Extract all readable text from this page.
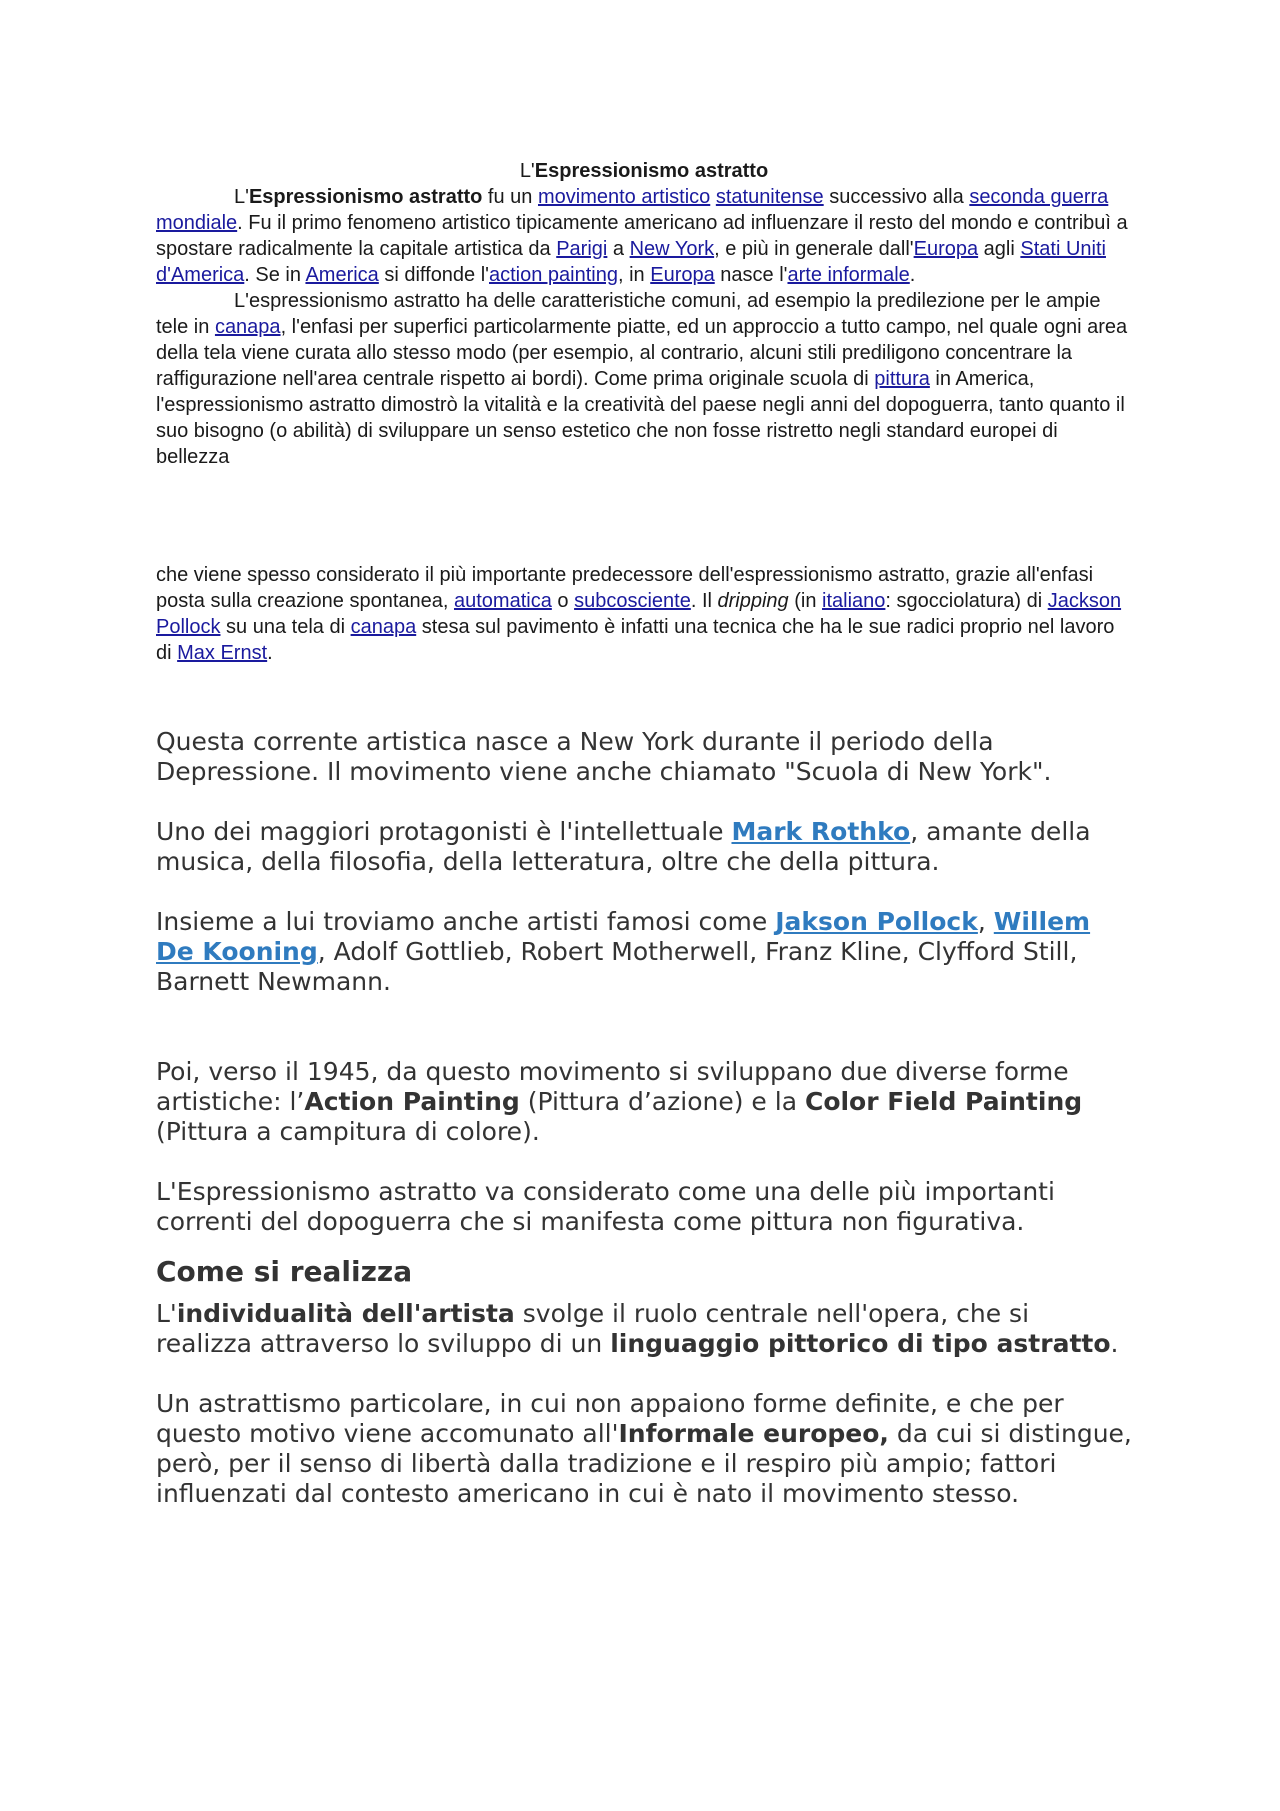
L'Espressionismo astratto

L'Espressionismo astratto fu un movimento artistico statunitense successivo alla seconda guerra mondiale. Fu il primo fenomeno artistico tipicamente americano ad influenzare il resto del mondo e contribuì a spostare radicalmente la capitale artistica da Parigi a New York, e più in generale dall'Europa agli Stati Uniti d'America. Se in America si diffonde l'action painting, in Europa nasce l'arte informale.

L'espressionismo astratto ha delle caratteristiche comuni, ad esempio la predilezione per le ampie tele in canapa, l'enfasi per superfici particolarmente piatte, ed un approccio a tutto campo, nel quale ogni area della tela viene curata allo stesso modo (per esempio, al contrario, alcuni stili prediligono concentrare la raffigurazione nell'area centrale rispetto ai bordi). Come prima originale scuola di pittura in America, l'espressionismo astratto dimostrò la vitalità e la creatività del paese negli anni del dopoguerra, tanto quanto il suo bisogno (o abilità) di sviluppare un senso estetico che non fosse ristretto negli standard europei di bellezza

che viene spesso considerato il più importante predecessore dell'espressionismo astratto, grazie all'enfasi posta sulla creazione spontanea, automatica o subcosciente. Il dripping (in italiano: sgocciolatura) di Jackson Pollock su una tela di canapa stesa sul pavimento è infatti una tecnica che ha le sue radici proprio nel lavoro di Max Ernst.

Questa corrente artistica nasce a New York durante il periodo della Depressione. Il movimento viene anche chiamato "Scuola di New York".

Uno dei maggiori protagonisti è l'intellettuale Mark Rothko, amante della musica, della filosofia, della letteratura, oltre che della pittura.

Insieme a lui troviamo anche artisti famosi come Jakson Pollock, Willem De Kooning, Adolf Gottlieb, Robert Motherwell, Franz Kline, Clyfford Still, Barnett Newmann.

Poi, verso il 1945, da questo movimento si sviluppano due diverse forme artistiche: l’Action Painting (Pittura d’azione) e la Color Field Painting (Pittura a campitura di colore).

L'Espressionismo astratto va considerato come una delle più importanti correnti del dopoguerra che si manifesta come pittura non figurativa.

Come si realizza

L'individualità dell'artista svolge il ruolo centrale nell'opera, che si realizza attraverso lo sviluppo di un linguaggio pittorico di tipo astratto.

Un astrattismo particolare, in cui non appaiono forme definite, e che per questo motivo viene accomunato all'Informale europeo, da cui si distingue, però, per il senso di libertà dalla tradizione e il respiro più ampio; fattori influenzati dal contesto americano in cui è nato il movimento stesso.
